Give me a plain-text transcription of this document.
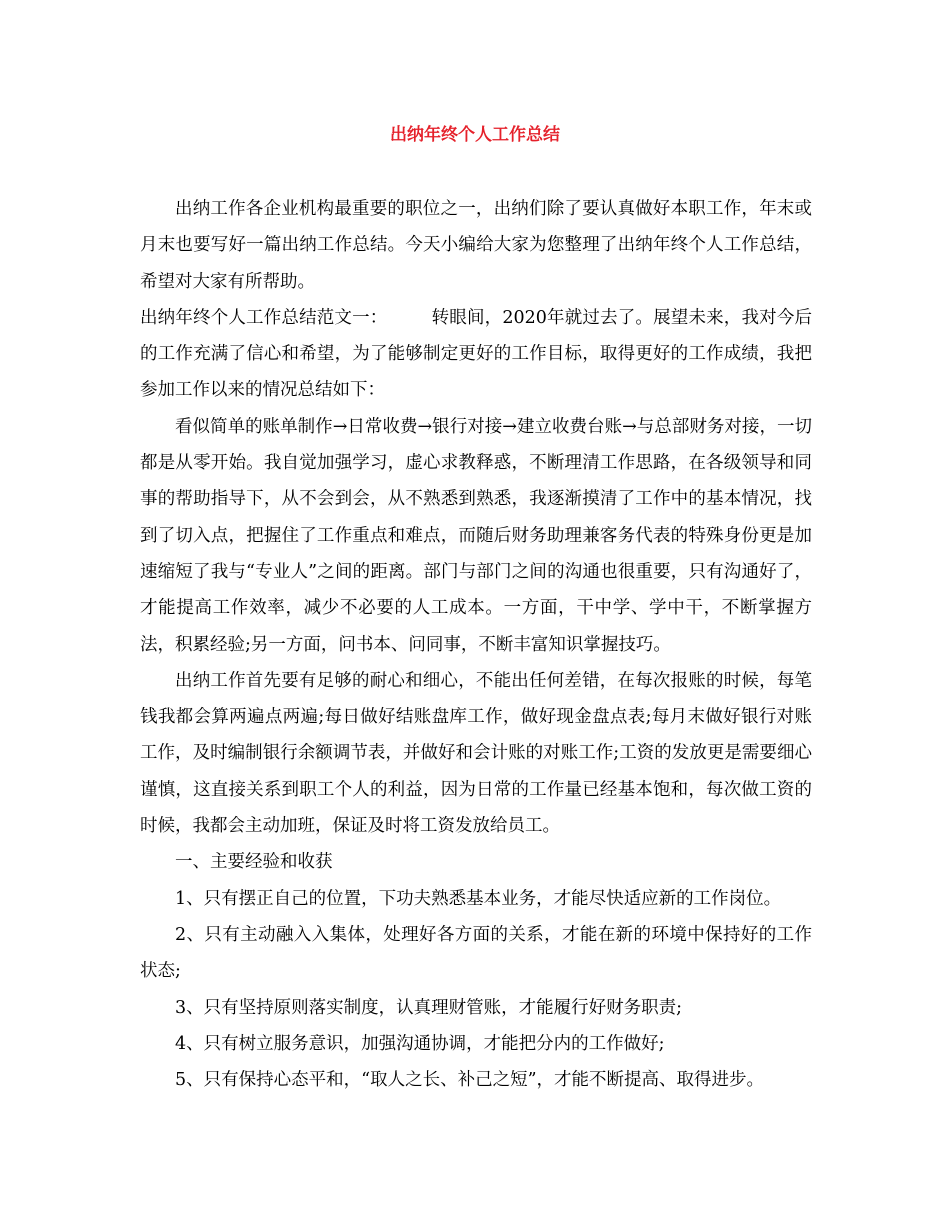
出纳年终个人工作总结

出纳工作各企业机构最重要的职位之一，出纳们除了要认真做好本职工作，年末或月末也要写好一篇出纳工作总结。今天小编给大家为您整理了出纳年终个人工作总结，希望对大家有所帮助。

出纳年终个人工作总结范文一：	转眼间，2020年就过去了。展望未来，我对今后的工作充满了信心和希望，为了能够制定更好的工作目标，取得更好的工作成绩，我把参加工作以来的情况总结如下：

看似简单的账单制作→日常收费→银行对接→建立收费台账→与总部财务对接，一切都是从零开始。我自觉加强学习，虚心求教释惑，不断理清工作思路，在各级领导和同事的帮助指导下，从不会到会，从不熟悉到熟悉，我逐渐摸清了工作中的基本情况，找到了切入点，把握住了工作重点和难点，而随后财务助理兼客务代表的特殊身份更是加速缩短了我与“专业人”之间的距离。部门与部门之间的沟通也很重要，只有沟通好了，才能提高工作效率，减少不必要的人工成本。一方面，干中学、学中干，不断掌握方法，积累经验;另一方面，问书本、问同事，不断丰富知识掌握技巧。

出纳工作首先要有足够的耐心和细心，不能出任何差错，在每次报账的时候，每笔钱我都会算两遍点两遍;每日做好结账盘库工作，做好现金盘点表;每月末做好银行对账工作，及时编制银行余额调节表，并做好和会计账的对账工作;工资的发放更是需要细心谨慎，这直接关系到职工个人的利益，因为日常的工作量已经基本饱和，每次做工资的时候，我都会主动加班，保证及时将工资发放给员工。

一、主要经验和收获

1、只有摆正自己的位置，下功夫熟悉基本业务，才能尽快适应新的工作岗位。

2、只有主动融入入集体，处理好各方面的关系，才能在新的环境中保持好的工作状态;

3、只有坚持原则落实制度，认真理财管账，才能履行好财务职责;

4、只有树立服务意识，加强沟通协调，才能把分内的工作做好;

5、只有保持心态平和，“取人之长、补己之短”，才能不断提高、取得进步。
